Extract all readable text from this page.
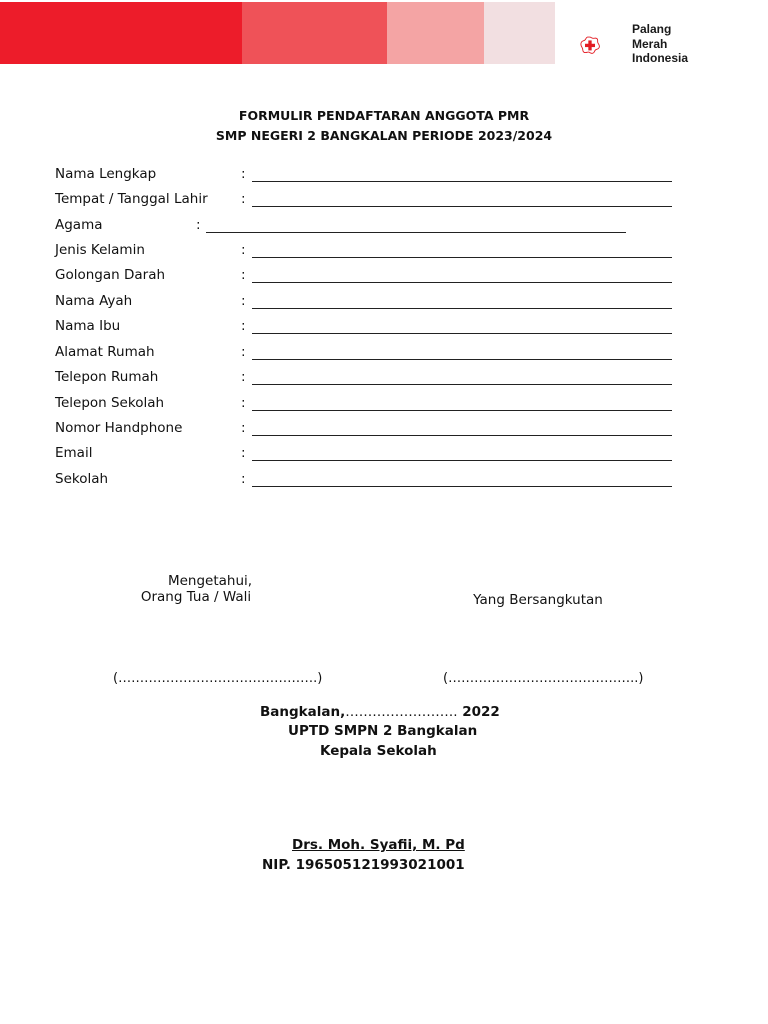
Palang
Merah
Indonesia
FORMULIR PENDAFTARAN ANGGOTA PMR
SMP NEGERI 2 BANGKALAN PERIODE 2023/2024
Nama Lengkap	:
Tempat / Tanggal Lahir :
Agama	:
Jenis Kelamin	:
Golongan Darah	:
Nama Ayah	:
Nama Ibu	:
Alamat Rumah	:
Telepon Rumah	:
Telepon Sekolah	:
Nomor Handphone	:
Email	:
Sekolah	:
Mengetahui,
Orang Tua / Wali	Yang Bersangkutan
(……………………………………….)	(……………………………………..)
Bangkalan,……………………. 2022
UPTD SMPN 2 Bangkalan
Kepala Sekolah
Drs. Moh. Syafii, M. Pd
NIP. 196505121993021001
